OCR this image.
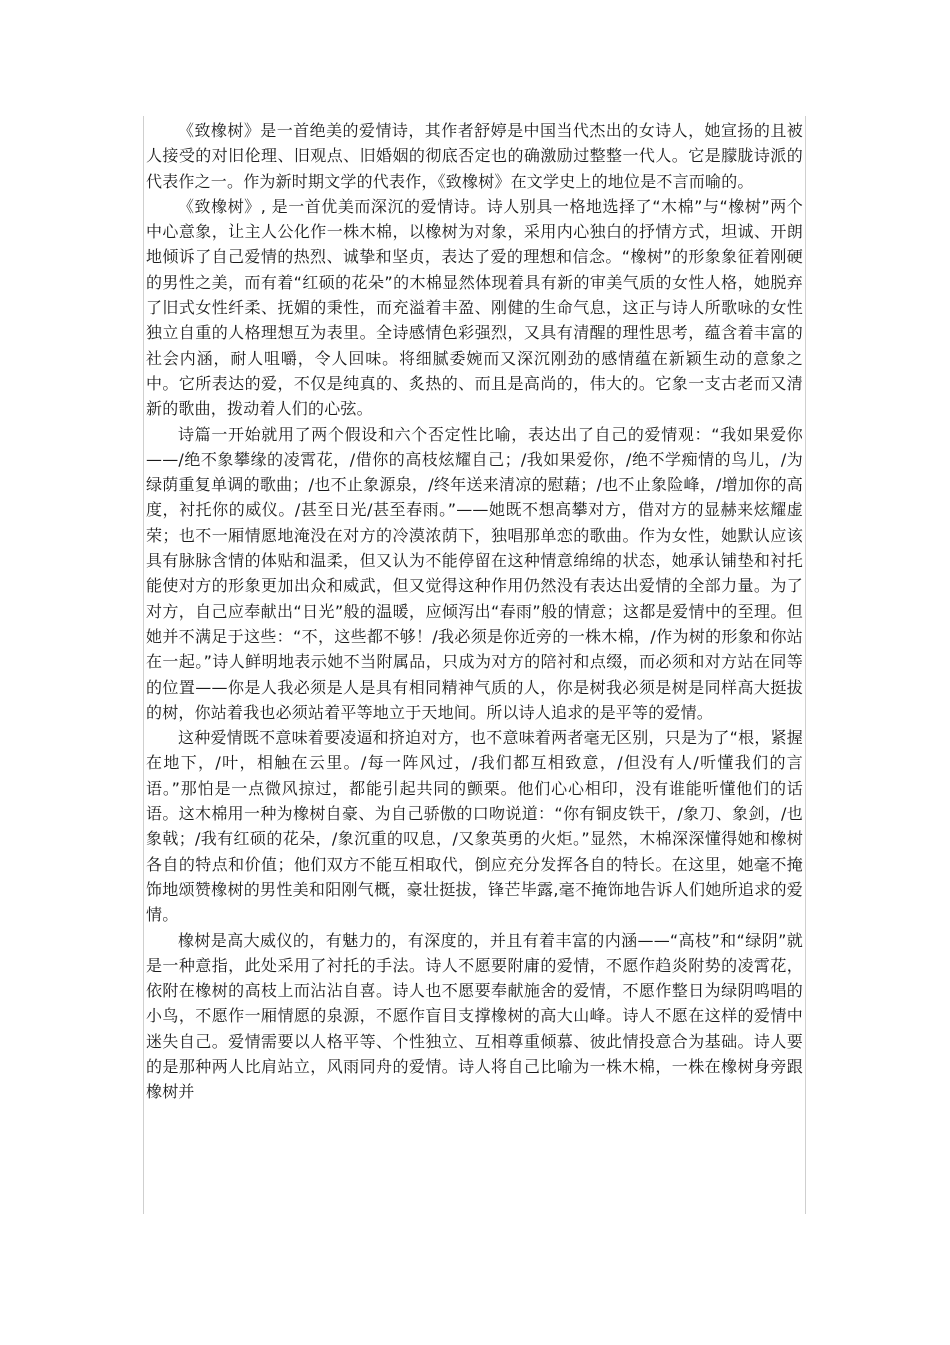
《致橡树》是一首绝美的爱情诗，其作者舒婷是中国当代杰出的女诗人，她宣扬的且被人接受的对旧伦理、旧观点、旧婚姻的彻底否定也的确激励过整整一代人。它是朦胧诗派的代表作之一。作为新时期文学的代表作，《致橡树》在文学史上的地位是不言而喻的。

《致橡树》, 是一首优美而深沉的爱情诗。诗人别具一格地选择了“木棉”与“橡树”两个中心意象，让主人公化作一株木棉，以橡树为对象，采用内心独白的抒情方式，坦诚、开朗地倾诉了自己爱情的热烈、诚挚和坚贞，表达了爱的理想和信念。“橡树”的形象象征着刚硬的男性之美，而有着“红硕的花朵”的木棉显然体现着具有新的审美气质的女性人格，她脱弃了旧式女性纤柔、抚媚的秉性，而充溢着丰盈、刚健的生命气息，这正与诗人所歌咏的女性独立自重的人格理想互为表里。全诗感情色彩强烈，又具有清醒的理性思考，蕴含着丰富的社会内涵，耐人咀嚼，令人回味。将细腻委婉而又深沉刚劲的感情蕴在新颖生动的意象之中。它所表达的爱，不仅是纯真的、炙热的、而且是高尚的，伟大的。它象一支古老而又清新的歌曲，拨动着人们的心弦。

诗篇一开始就用了两个假设和六个否定性比喻，表达出了自己的爱情观：“我如果爱你——/绝不象攀缘的凌霄花，/借你的高枝炫耀自己；/我如果爱你，/绝不学痴情的鸟儿，/为绿荫重复单调的歌曲；/也不止象源泉，/终年送来清凉的慰藉；/也不止象险峰，/增加你的高度，衬托你的威仪。/甚至日光/甚至春雨。”——她既不想高攀对方，借对方的显赫来炫耀虚荣；也不一厢情愿地淹没在对方的冷漠浓荫下，独唱那单恋的歌曲。作为女性，她默认应该具有脉脉含情的体贴和温柔，但又认为不能停留在这种情意绵绵的状态，她承认铺垫和衬托能使对方的形象更加出众和威武，但又觉得这种作用仍然没有表达出爱情的全部力量。为了对方，自己应奉献出“日光”般的温暖，应倾泻出“春雨”般的情意；这都是爱情中的至理。但她并不满足于这些：“不，这些都不够！/我必须是你近旁的一株木棉，/作为树的形象和你站在一起。”诗人鲜明地表示她不当附属品，只成为对方的陪衬和点缀，而必须和对方站在同等的位置——你是人我必须是人是具有相同精神气质的人，你是树我必须是树是同样高大挺拔的树，你站着我也必须站着平等地立于天地间。所以诗人追求的是平等的爱情。

这种爱情既不意味着要凌逼和挤迫对方，也不意味着两者毫无区别，只是为了“根，紧握在地下，/叶，相触在云里。/每一阵风过，/我们都互相致意，/但没有人/听懂我们的言语。”那怕是一点微风掠过，都能引起共同的颤栗。他们心心相印，没有谁能听懂他们的话语。这木棉用一种为橡树自豪、为自己骄傲的口吻说道：“你有铜皮铁干，/象刀、象剑，/也象戟；/我有红硕的花朵，/象沉重的叹息，/又象英勇的火炬。”显然，木棉深深懂得她和橡树各自的特点和价值；他们双方不能互相取代，倒应充分发挥各自的特长。在这里，她毫不掩饰地颂赞橡树的男性美和阳刚气概，豪壮挺拔，锋芒毕露,毫不掩饰地告诉人们她所追求的爱情。

橡树是高大威仪的，有魅力的，有深度的，并且有着丰富的内涵——“高枝”和“绿阴”就是一种意指，此处采用了衬托的手法。诗人不愿要附庸的爱情，不愿作趋炎附势的凌霄花，依附在橡树的高枝上而沾沾自喜。诗人也不愿要奉献施舍的爱情，不愿作整日为绿阴鸣唱的小鸟，不愿作一厢情愿的泉源，不愿作盲目支撑橡树的高大山峰。诗人不愿在这样的爱情中迷失自己。爱情需要以人格平等、个性独立、互相尊重倾慕、彼此情投意合为基础。诗人要的是那种两人比肩站立，风雨同舟的爱情。诗人将自己比喻为一株木棉，一株在橡树身旁跟橡树并
